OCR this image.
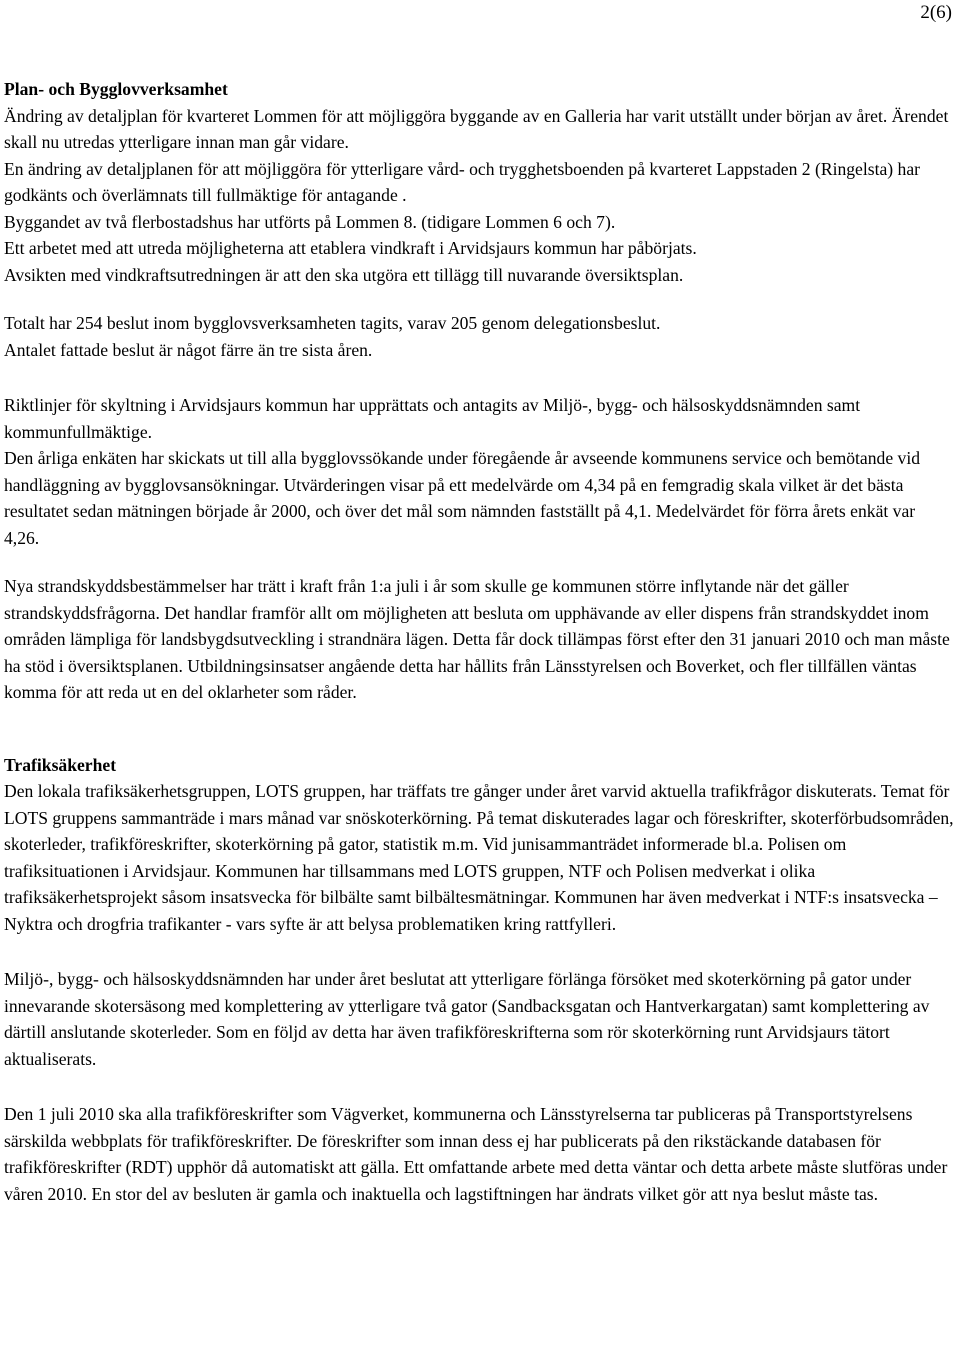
2(6)
Plan- och Bygglovverksamhet

Ändring av detaljplan för kvarteret Lommen för att möjliggöra byggande av en Galleria har varit utställt under början av året. Ärendet skall nu utredas ytterligare innan man går vidare.

En ändring av detaljplanen för att möjliggöra för ytterligare vård- och trygghetsboenden på kvarteret Lappstaden 2 (Ringelsta) har godkänts och överlämnats till fullmäktige för antagande .

Byggandet av två flerbostadshus har utförts på Lommen 8. (tidigare Lommen 6 och 7).

Ett arbetet med att utreda möjligheterna att etablera vindkraft i Arvidsjaurs kommun har påbörjats.

Avsikten med vindkraftsutredningen är att den ska utgöra ett tillägg till nuvarande översiktsplan.

Totalt har 254 beslut inom bygglovsverksamheten tagits, varav 205 genom delegationsbeslut.

Antalet fattade beslut är något färre än tre sista åren.

Riktlinjer för skyltning i Arvidsjaurs kommun har upprättats och antagits av Miljö-, bygg- och hälsoskyddsnämnden samt kommunfullmäktige.

Den årliga enkäten har skickats ut till alla bygglovssökande under föregående år avseende kommunens service och bemötande vid handläggning av bygglovsansökningar. Utvärderingen visar på ett medelvärde om 4,34 på en femgradig skala vilket är det bästa resultatet sedan mätningen började år 2000, och över det mål som nämnden fastställt på 4,1. Medelvärdet för förra årets enkät var 4,26.

Nya strandskyddsbestämmelser har trätt i kraft från 1:a juli i år som skulle ge kommunen större inflytande när det gäller strandskyddsfrågorna. Det handlar framför allt om möjligheten att besluta om upphävande av eller dispens från strandskyddet inom områden lämpliga för landsbygdsutveckling i strandnära lägen. Detta får dock tillämpas först efter den 31 januari 2010 och man måste ha stöd i översiktsplanen. Utbildningsinsatser angående detta har hållits från Länsstyrelsen och Boverket, och fler tillfällen väntas komma för att reda ut en del oklarheter som råder.

Trafiksäkerhet

Den lokala trafiksäkerhetsgruppen, LOTS gruppen, har träffats tre gånger under året varvid aktuella trafikfrågor diskuterats. Temat för LOTS gruppens sammanträde i mars månad var snöskoterkörning. På temat diskuterades lagar och föreskrifter, skoterförbudsområden, skoterleder, trafikföreskrifter, skoterkörning på gator, statistik m.m. Vid junisammanträdet informerade bl.a. Polisen om trafiksituationen i Arvidsjaur. Kommunen har tillsammans med LOTS gruppen, NTF och Polisen medverkat i olika trafiksäkerhetsprojekt såsom insatsvecka för bilbälte samt bilbältesmätningar. Kommunen har även medverkat i NTF:s insatsvecka – Nyktra och drogfria trafikanter - vars syfte är att belysa problematiken kring rattfylleri.

Miljö-, bygg- och hälsoskyddsnämnden har under året beslutat att ytterligare förlänga försöket med skoterkörning på gator under innevarande skotersäsong med komplettering av ytterligare två gator (Sandbacksgatan och Hantverkargatan) samt komplettering av därtill anslutande skoterleder. Som en följd av detta har även trafikföreskrifterna som rör skoterkörning runt Arvidsjaurs tätort aktualiserats.

Den 1 juli 2010 ska alla trafikföreskrifter som Vägverket, kommunerna och Länsstyrelserna tar publiceras på Transportstyrelsens särskilda webbplats för trafikföreskrifter. De föreskrifter som innan dess ej har publicerats på den rikstäckande databasen för trafikföreskrifter (RDT) upphör då automatiskt att gälla. Ett omfattande arbete med detta väntar och detta arbete måste slutföras under våren 2010. En stor del av besluten är gamla och inaktuella och lagstiftningen har ändrats vilket gör att nya beslut måste tas.
